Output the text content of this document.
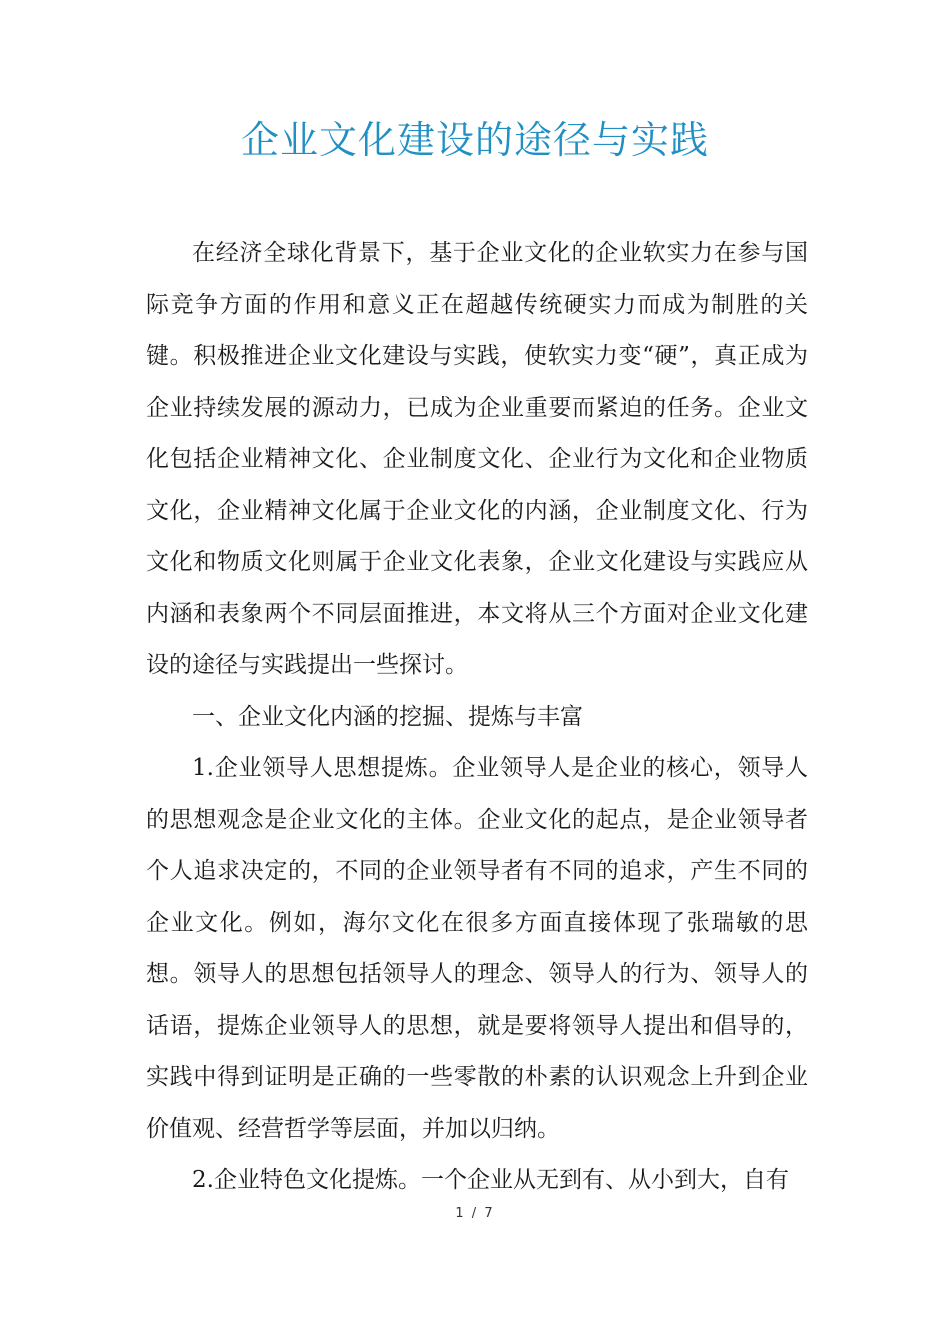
企业文化建设的途径与实践

在经济全球化背景下，基于企业文化的企业软实力在参与国际竞争方面的作用和意义正在超越传统硬实力而成为制胜的关键。积极推进企业文化建设与实践，使软实力变“硬”，真正成为企业持续发展的源动力，已成为企业重要而紧迫的任务。企业文化包括企业精神文化、企业制度文化、企业行为文化和企业物质文化，企业精神文化属于企业文化的内涵，企业制度文化、行为文化和物质文化则属于企业文化表象，企业文化建设与实践应从内涵和表象两个不同层面推进，本文将从三个方面对企业文化建设的途径与实践提出一些探讨。

一、企业文化内涵的挖掘、提炼与丰富

1.企业领导人思想提炼。企业领导人是企业的核心，领导人的思想观念是企业文化的主体。企业文化的起点，是企业领导者个人追求决定的，不同的企业领导者有不同的追求，产生不同的企业文化。例如，海尔文化在很多方面直接体现了张瑞敏的思想。领导人的思想包括领导人的理念、领导人的行为、领导人的话语，提炼企业领导人的思想，就是要将领导人提出和倡导的，实践中得到证明是正确的一些零散的朴素的认识观念上升到企业价值观、经营哲学等层面，并加以归纳。

2.企业特色文化提炼。一个企业从无到有、从小到大，自有

1 / 7
